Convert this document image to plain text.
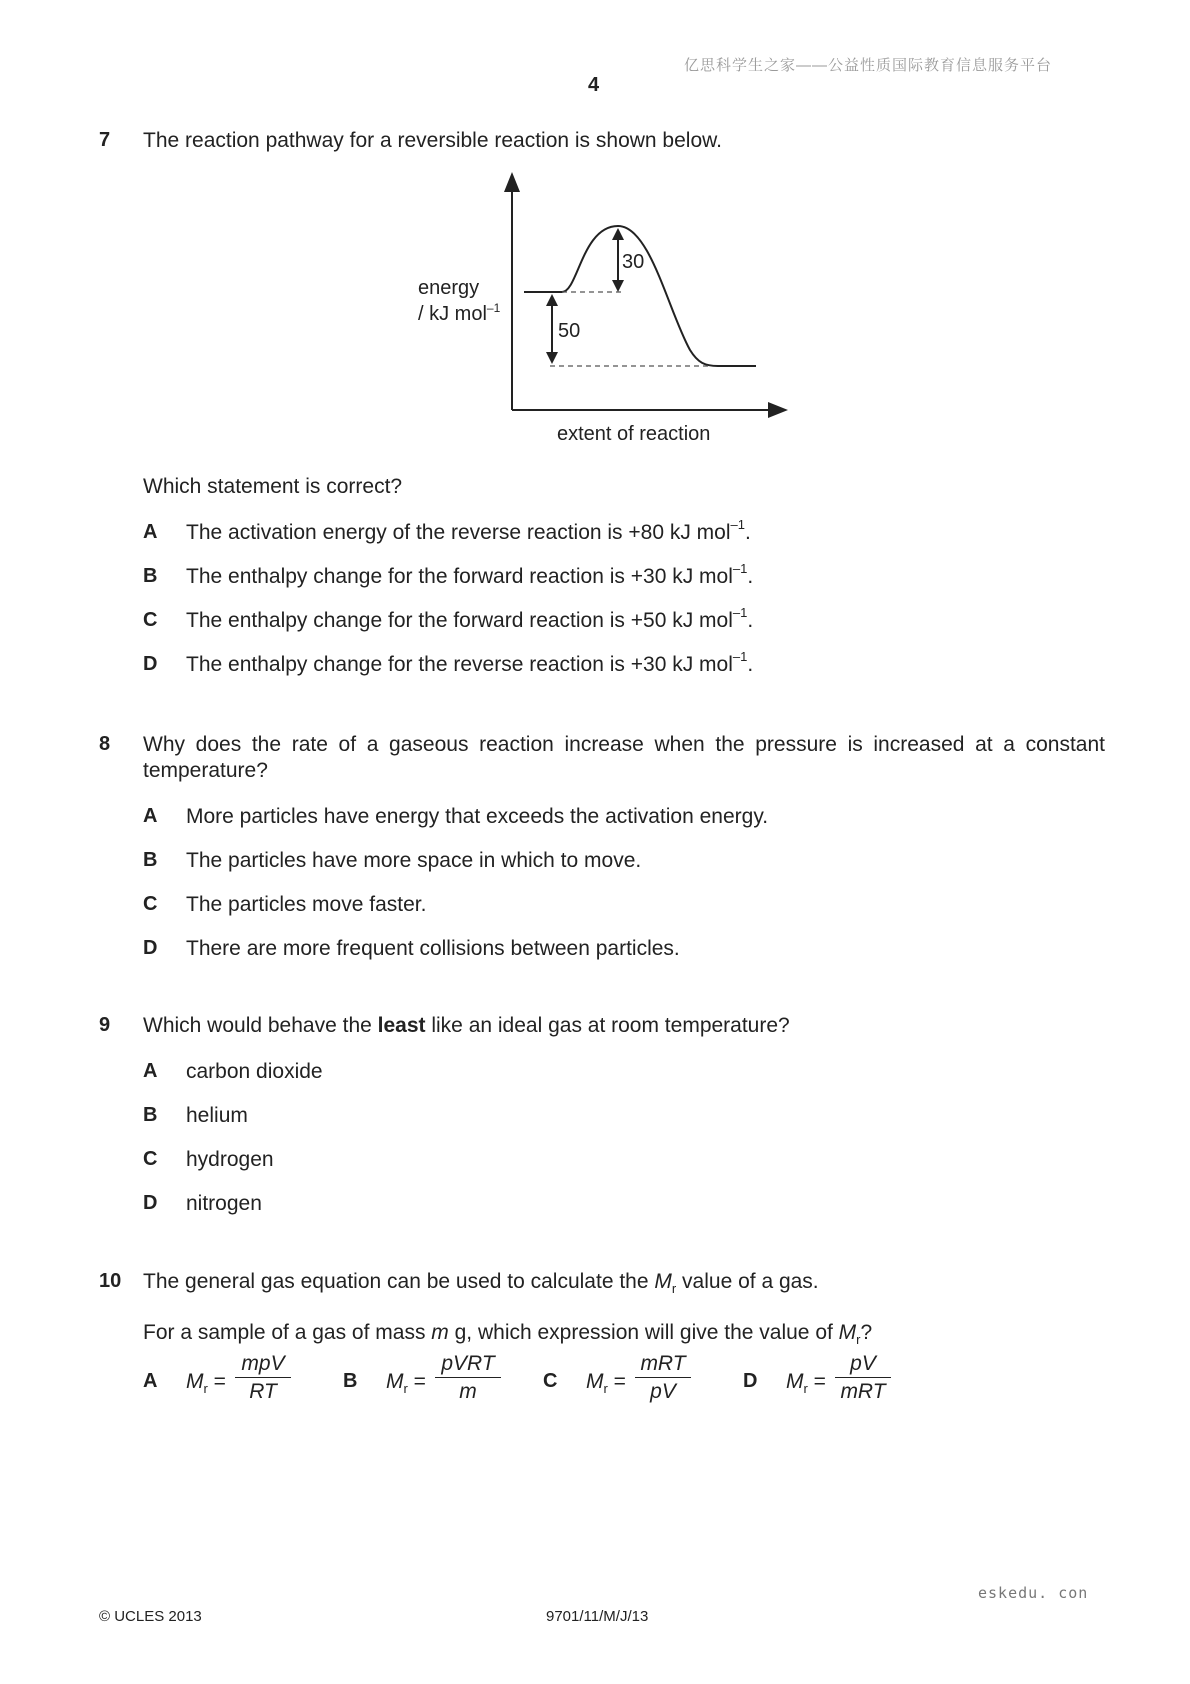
亿思科学生之家——公益性质国际教育信息服务平台
4
7 The reaction pathway for a reversible reaction is shown below.
30
50
energy
/ kJ mol$^{-1}$
extent of reaction
Which statement is correct?
A The activation energy of the reverse reaction is +80 kJ mol$^{-1}$.
B The enthalpy change for the forward reaction is +30 kJ mol$^{-1}$.
C The enthalpy change for the forward reaction is +50 kJ mol$^{-1}$.
D The enthalpy change for the reverse reaction is +30 kJ mol$^{-1}$.
8 Why does the rate of a gaseous reaction increase when the pressure is increased at a constant
temperature?
A More particles have energy that exceeds the activation energy.
B The particles have more space in which to move.
C The particles move faster.
D There are more frequent collisions between particles.
9 Which would behave the least like an ideal gas at room temperature?
A carbon dioxide
B helium
C hydrogen
D nitrogen
10 The general gas equation can be used to calculate the $M_r$ value of a gas.
For a sample of a gas of mass m g, which expression will give the value of $M_r$?
A $M_r$ =
mpV
RT	B $M_r$ =
pVRT
m	C $M_r$ =
mRT
pV	D $M_r$ =
pV
mRT
eskedu. con
© UCLES 2013	9701/11/M/J/13
